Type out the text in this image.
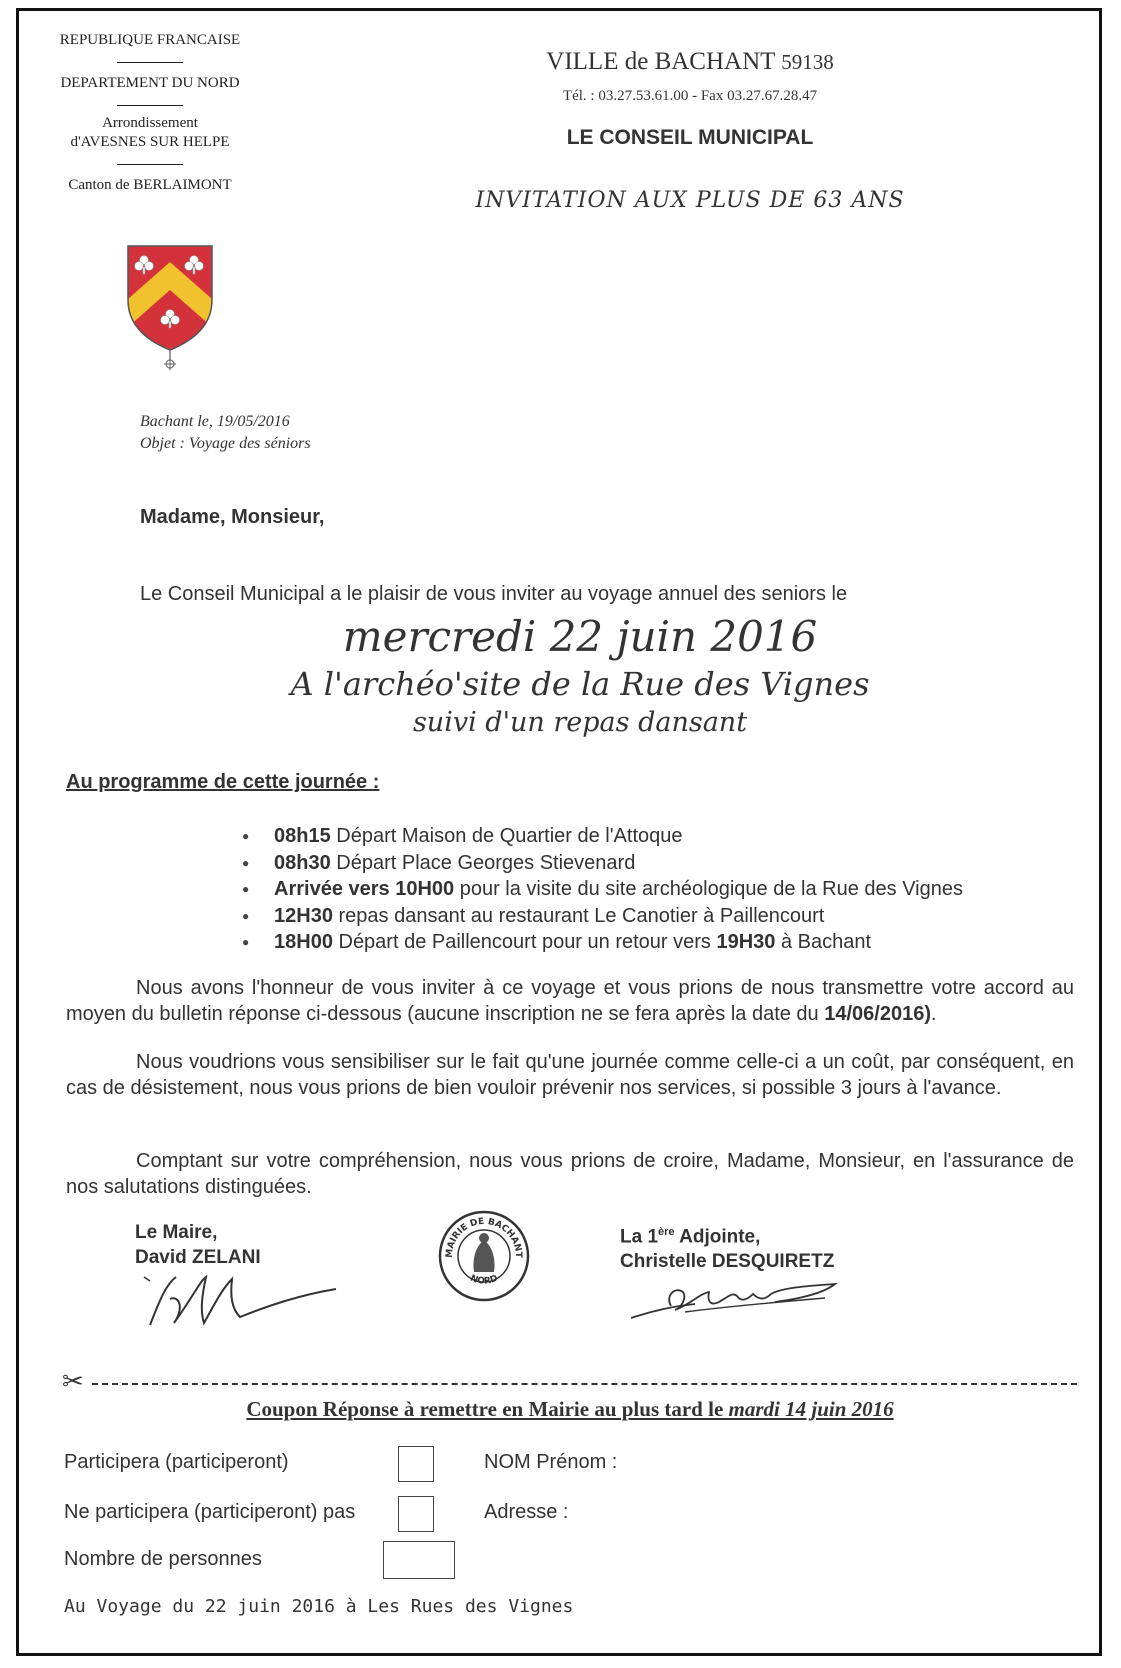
REPUBLIQUE FRANCAISE
DEPARTEMENT DU NORD
Arrondissement
d'AVESNES SUR HELPE
Canton de BERLAIMONT
VILLE de BACHANT 59138
Tél. : 03.27.53.61.00 - Fax 03.27.67.28.47
LE CONSEIL MUNICIPAL
INVITATION AUX PLUS DE 63 ANS
Bachant le, 19/05/2016
Objet : Voyage des séniors
Madame, Monsieur,
Le Conseil Municipal a le plaisir de vous inviter au voyage annuel des seniors le
mercredi 22 juin 2016
A l'archéo'site de la Rue des Vignes
suivi d'un repas dansant
Au programme de cette journée :
● 08h15 Départ Maison de Quartier de l'Attoque
● 08h30 Départ Place Georges Stievenard
● Arrivée vers 10H00 pour la visite du site archéologique de la Rue des Vignes
● 12H30 repas dansant au restaurant Le Canotier à Paillencourt
● 18H00 Départ de Paillencourt pour un retour vers 19H30 à Bachant
Nous avons l'honneur de vous inviter à ce voyage et vous prions de nous transmettre votre accord au moyen du bulletin réponse ci-dessous (aucune inscription ne se fera après la date du 14/06/2016).
Nous voudrions vous sensibiliser sur le fait qu'une journée comme celle-ci a un coût, par conséquent, en cas de désistement, nous vous prions de bien vouloir prévenir nos services, si possible 3 jours à l'avance.
Comptant sur votre compréhension, nous vous prions de croire, Madame, Monsieur, en l'assurance de nos salutations distinguées.
Le Maire,
David ZELANI	MAIRIE DE BACHANT
NORD
La 1ère Adjointe,
Christelle DESQUIRETZ
✂
Coupon Réponse à remettre en Mairie au plus tard le mardi 14 juin 2016
Participera (participeront)	NOM Prénom :
Ne participera (participeront) pas	Adresse :
Nombre de personnes
Au Voyage du 22 juin 2016 à Les Rues des Vignes
